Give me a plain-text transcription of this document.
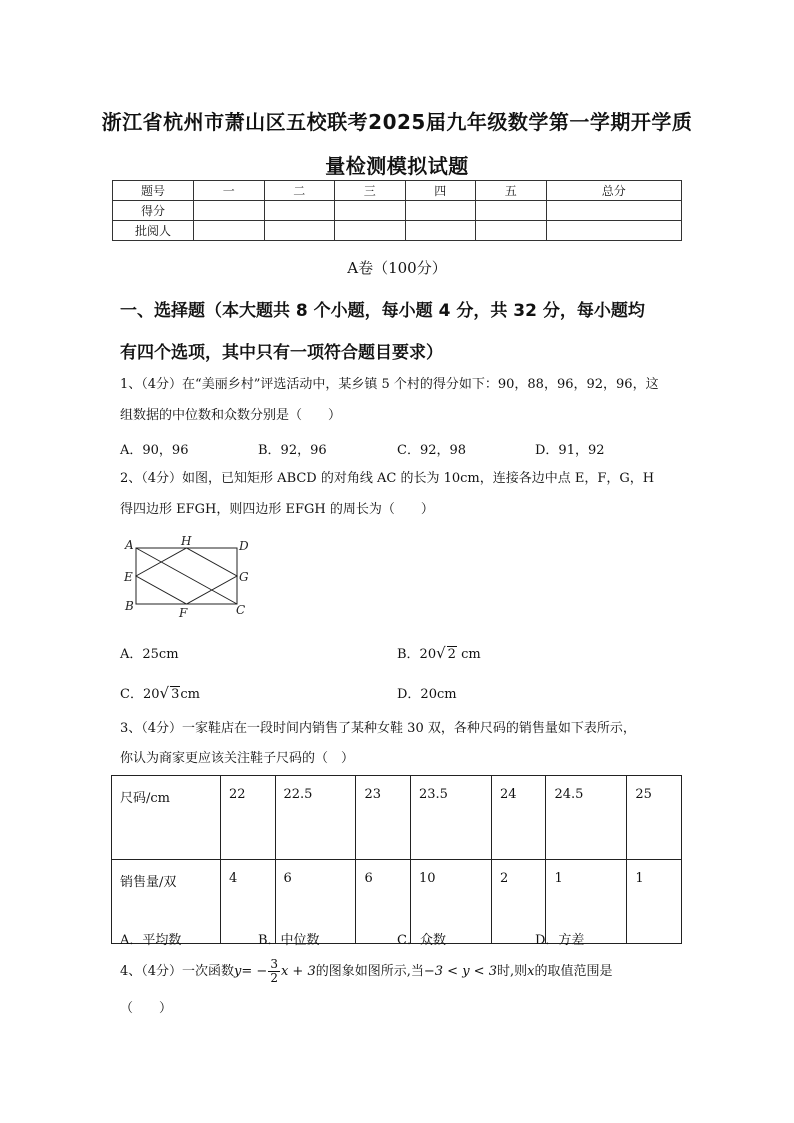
浙江省杭州市萧山区五校联考2025届九年级数学第一学期开学质
量检测模拟试题
题号	一	二	三	四	五	总分
得分						
批阅人						
A卷（100分）
一、选择题（本大题共 8 个小题，每小题 4 分，共 32 分，每小题均
有四个选项，其中只有一项符合题目要求）
1、（4分）在“美丽乡村”评选活动中，某乡镇 5 个村的得分如下：90，88，96，92，96，这
组数据的中位数和众数分别是（　　）
A．90，96	B．92，96	C．92，98	D．91，92
2、（4分）如图，已知矩形 ABCD 的对角线 AC 的长为 10cm，连接各边中点 E，F，G，H
得四边形 EFGH，则四边形 EFGH 的周长为（　　）
A	H	D
E	G
B	F	C
A．25cm	B．20√ 2 cm
C．20√ 3cm	D．20cm
3、（4分）一家鞋店在一段时间内销售了某种女鞋 30 双，各种尺码的销售量如下表所示，
你认为商家更应该关注鞋子尺码的（　）
尺码/cm	22	22.5	23	23.5	24	24.5	25
销售量/双	4	6	6	10	2	1	1
A．平均数	B．中位数	C．众数	D．方差
4、（4分）一次函数$y= - \frac{3}{2}$ x + 3的图象如图所示,当−3 < y < 3时,则x的取值范围是
（　　）
